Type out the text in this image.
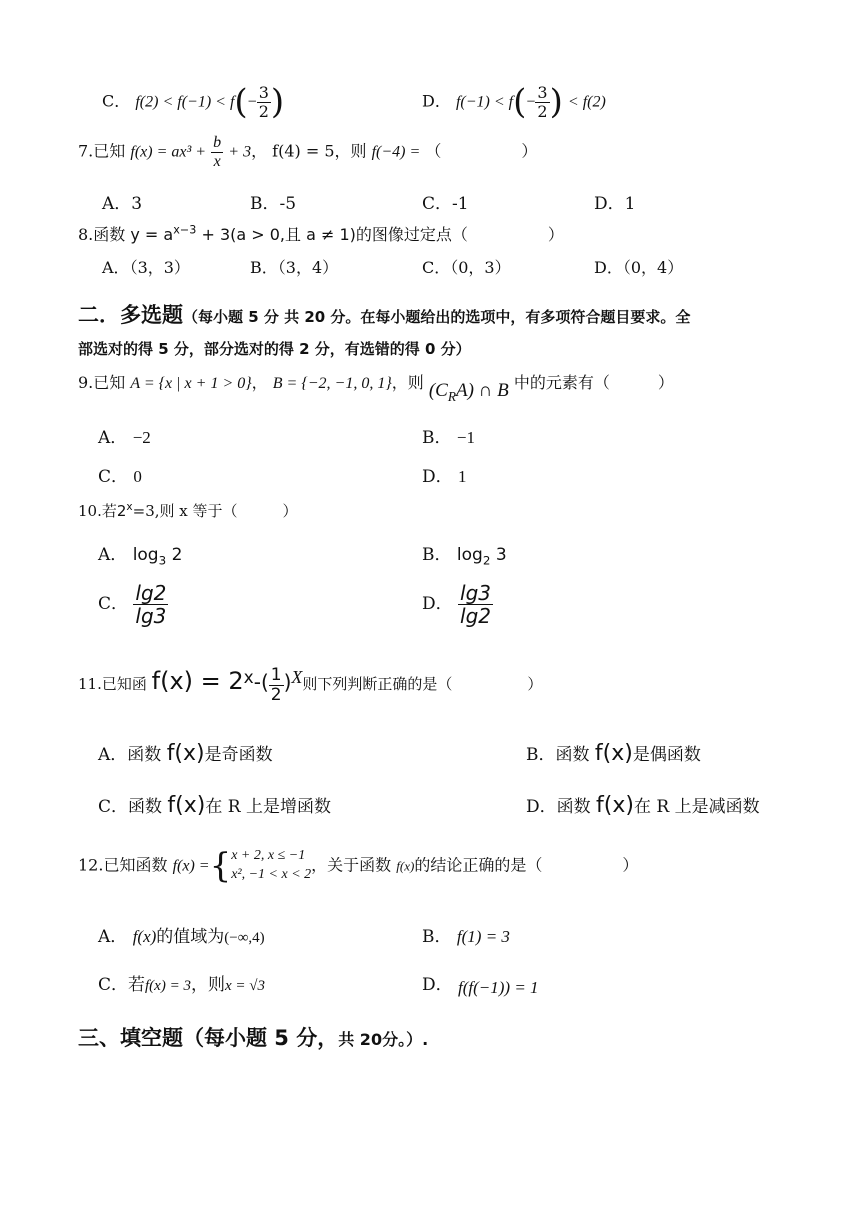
C． $f(2) < f(-1) < f(- \frac{3}{2}$ )	D． $f(-1) < f(- \frac{3}{2}$ ) < f(2)
7.已知 $f(x) = ax^3 + \frac{b}{x} + 3$， f(4) = 5，则 f(−4) = （　　　　　）
A．3	B．-5	C．-1	D．1
8.函数 $y = a^{x-3} + 3(a > 0$,且 a ≠ 1)的图像过定点（　　　　　）
A．（3，3）	B．（3，4）	C．（0，3）	D．（0，4）
二．多选题（每小题 5 分 共 20 分。在每小题给出的选项中，有多项符合题目要求。全
部选对的得 5 分，部分选对的得 2 分，有选错的得 0 分）
9.已知 A = {x | x + 1 > 0}， B = {−2, −1, 0, 1}，则 $(C_RA)$ ∩ B 中的元素有（　　　）
A． −2	B． −1
C． 0	D． 1
10.若$2^x=3$,则 x 等于（　　　）
A． $\log_3 2$	B． $\log_2 3$
C． $\frac{\lg 2}{\lg 3}$	D． $\frac{\lg 3}{\lg 2}$
11.已知函 $f(x) = 2^x-( \frac{1}{2} )^X$则下列判断正确的是（　　　　　）
A．函数 f(x)是奇函数	B．函数 f(x)是偶函数
C．函数 f(x)在 R 上是增函数	D．函数 f(x)在 R 上是减函数
12.已知函数 f(x) ={ x + 2, x ≤ −1
x², −1 < x < 2 ，关于函数 f(x)的结论正确的是（　　　　　）
A． f(x)的值域为(−∞,4)	B． f(1) = 3
C．若f(x) = 3，则x = √3	D． f(f(−1)) = 1
三、填空题（每小题 5 分，共 20分。）.
